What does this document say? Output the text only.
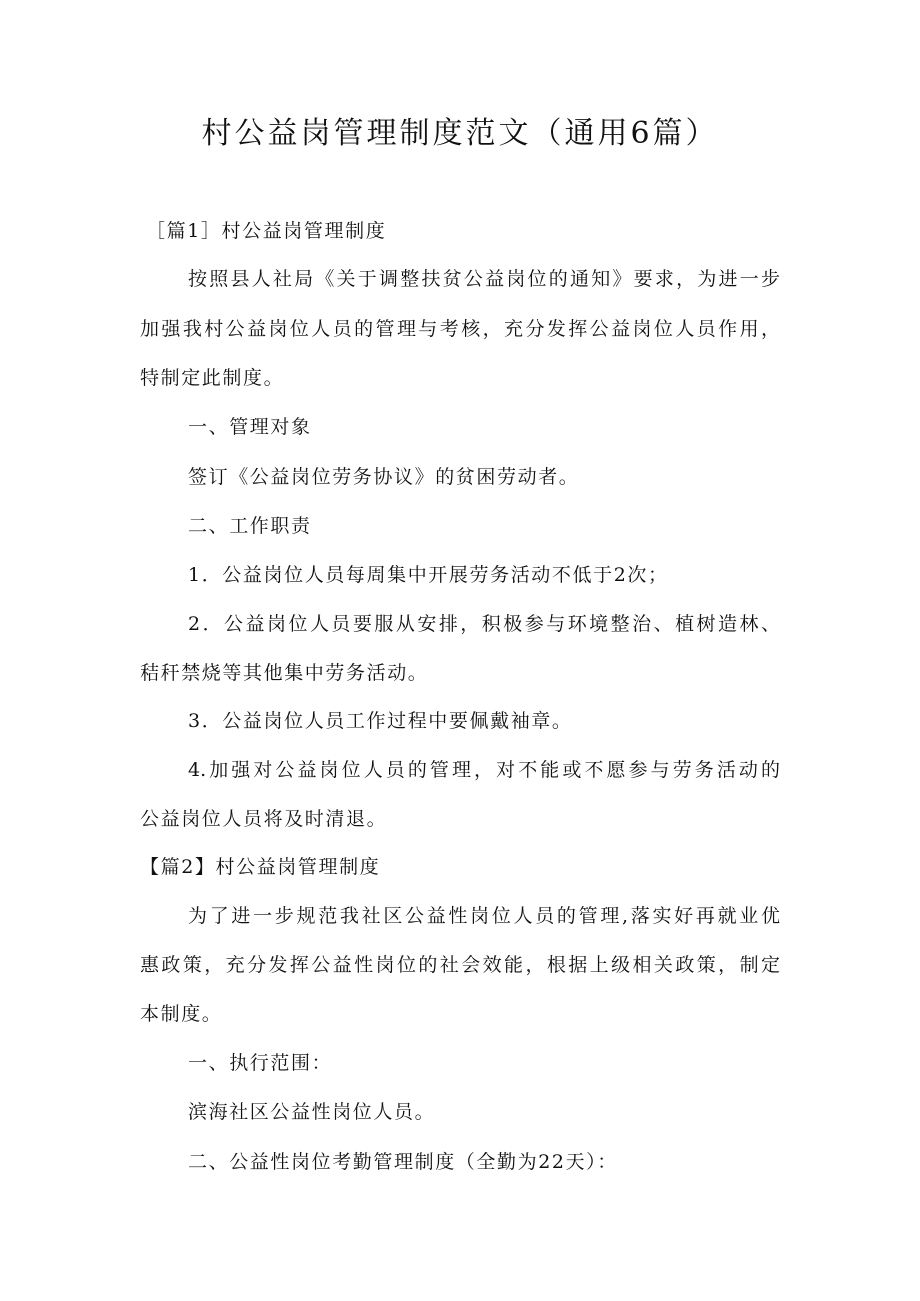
村公益岗管理制度范文（通用6篇）
［篇1］村公益岗管理制度
按照县人社局《关于调整扶贫公益岗位的通知》要求，为进一步
加强我村公益岗位人员的管理与考核，充分发挥公益岗位人员作用，
特制定此制度。
一、管理对象
签订《公益岗位劳务协议》的贫困劳动者。
二、工作职责
1．公益岗位人员每周集中开展劳务活动不低于2次；
2．公益岗位人员要服从安排，积极参与环境整治、植树造林、
秸秆禁烧等其他集中劳务活动。
3．公益岗位人员工作过程中要佩戴袖章。
4.加强对公益岗位人员的管理，对不能或不愿参与劳务活动的
公益岗位人员将及时清退。
【篇2】村公益岗管理制度
为了进一步规范我社区公益性岗位人员的管理,落实好再就业优
惠政策，充分发挥公益性岗位的社会效能，根据上级相关政策，制定
本制度。
一、执行范围：
滨海社区公益性岗位人员。
二、公益性岗位考勤管理制度（全勤为22天）：
